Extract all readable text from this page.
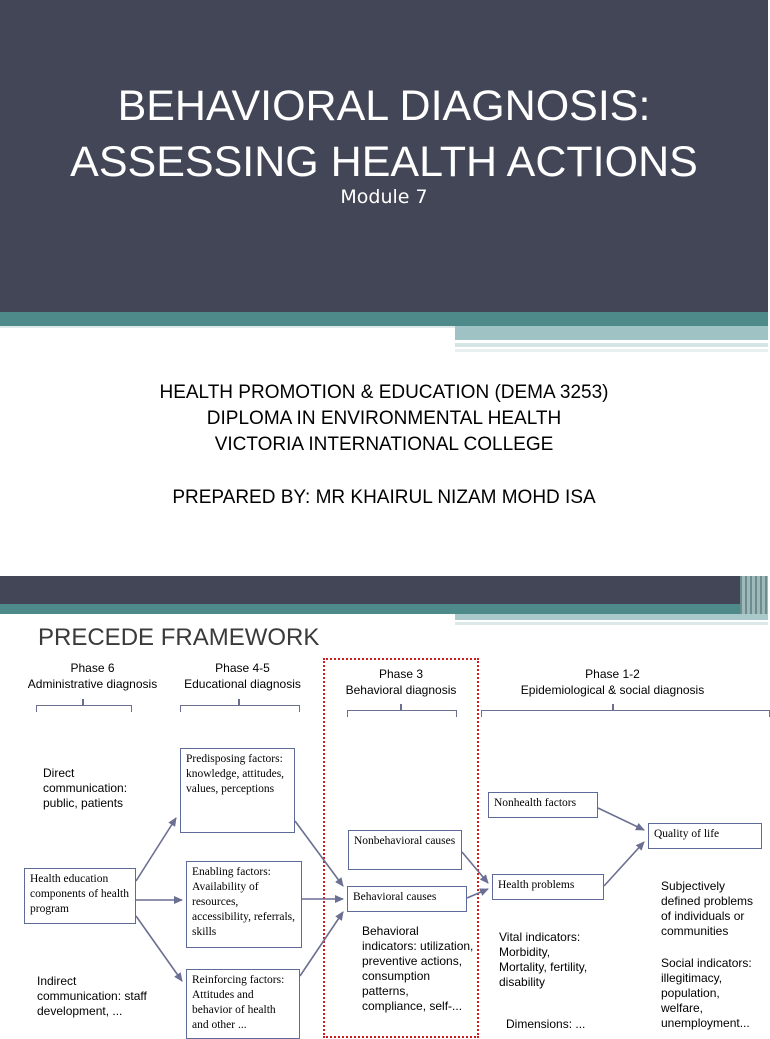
BEHAVIORAL DIAGNOSIS:
ASSESSING HEALTH ACTIONS
Module 7
HEALTH PROMOTION & EDUCATION (DEMA 3253)
DIPLOMA IN ENVIRONMENTAL HEALTH
VICTORIA INTERNATIONAL COLLEGE
PREPARED BY: MR KHAIRUL NIZAM MOHD ISA
PRECEDE FRAMEWORK
Phase 6
Administrative diagnosis
Phase 4-5
Educational diagnosis
Phase 3
Behavioral diagnosis
Phase 1-2
Epidemiological & social diagnosis
Direct communication: public, patients
Health education components of health program
Indirect communication: staff development, ...
Predisposing factors: knowledge, attitudes, values, perceptions
Enabling factors: Availability of resources, accessibility, referrals, skills
Reinforcing factors: Attitudes and behavior of health and other ...
Nonbehavioral causes
Behavioral causes
Behavioral indicators: utilization, preventive actions, consumption patterns, compliance, self-...
Nonhealth factors
Health problems
Quality of life
Vital indicators: Morbidity, Mortality, fertility, disability
Dimensions: ...
Subjectively defined problems of individuals or communities
Social indicators: illegitimacy, population, welfare, unemployment...
